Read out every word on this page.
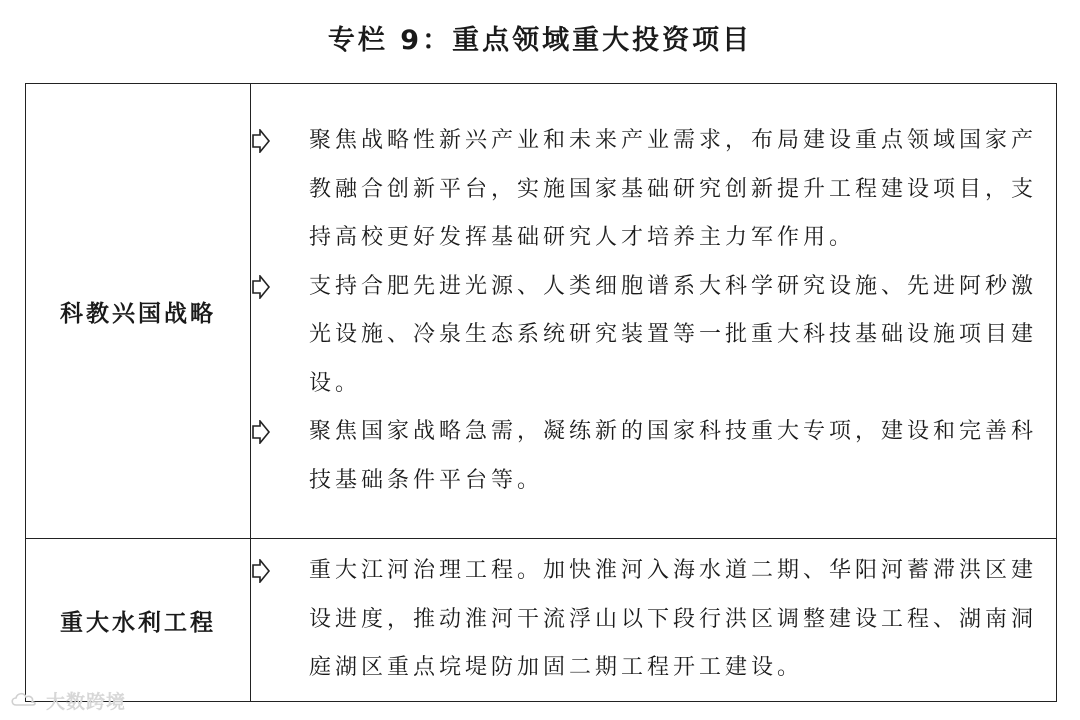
专栏 9：重点领域重大投资项目
科教兴国战略	聚焦战略性新兴产业和未来产业需求，布局建设重点领域国家产教融合创新平台，实施国家基础研究创新提升工程建设项目，支持高校更好发挥基础研究人才培养主力军作用。
支持合肥先进光源、人类细胞谱系大科学研究设施、先进阿秒激光设施、冷泉生态系统研究装置等一批重大科技基础设施项目建设。
聚焦国家战略急需，凝练新的国家科技重大专项，建设和完善科技基础条件平台等。

重大水利工程	重大江河治理工程。加快淮河入海水道二期、华阳河蓄滞洪区建设进度，推动淮河干流浮山以下段行洪区调整建设工程、湖南洞庭湖区重点垸堤防加固二期工程开工建设。
大数跨境
